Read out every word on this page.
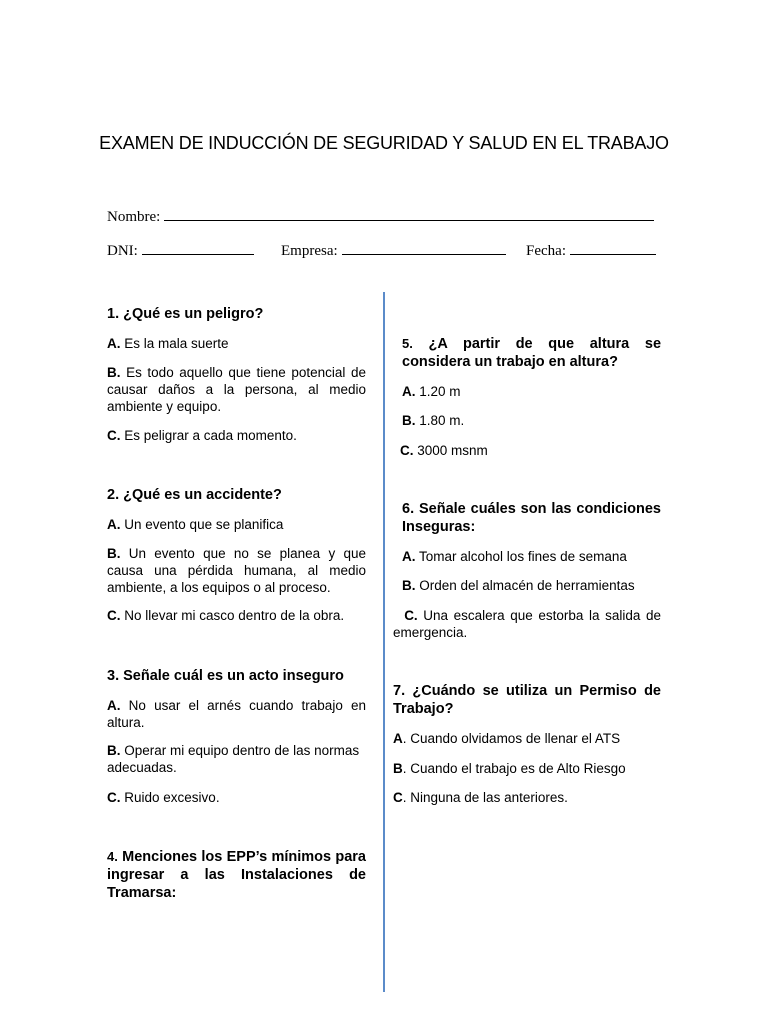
EXAMEN DE INDUCCIÓN DE SEGURIDAD Y SALUD EN EL TRABAJO
Nombre:
DNI:	Empresa:	Fecha:
1. ¿Qué es un peligro?
A. Es la mala suerte
B. Es todo aquello que tiene potencial de causar daños a la persona, al medio ambiente y equipo.
C. Es peligrar a cada momento.
2. ¿Qué es un accidente?
A. Un evento que se planifica
B. Un evento que no se planea y que causa una pérdida humana, al medio ambiente, a los equipos o al proceso.
C. No llevar mi casco dentro de la obra.
3. Señale cuál es un acto inseguro
A. No usar el arnés cuando trabajo en altura.
B. Operar mi equipo dentro de las normas adecuadas.
C. Ruido excesivo.
4. Menciones los EPP’s mínimos para ingresar a las Instalaciones de Tramarsa:
5. ¿A partir de que altura se considera un trabajo en altura?
A. 1.20 m
B. 1.80 m.
C. 3000 msnm
6. Señale cuáles son las condiciones Inseguras:
A. Tomar alcohol los fines de semana
B. Orden del almacén de herramientas
C. Una escalera que estorba la salida de emergencia.
7. ¿Cuándo se utiliza un Permiso de Trabajo?
A. Cuando olvidamos de llenar el ATS
B. Cuando el trabajo es de Alto Riesgo
C. Ninguna de las anteriores.
